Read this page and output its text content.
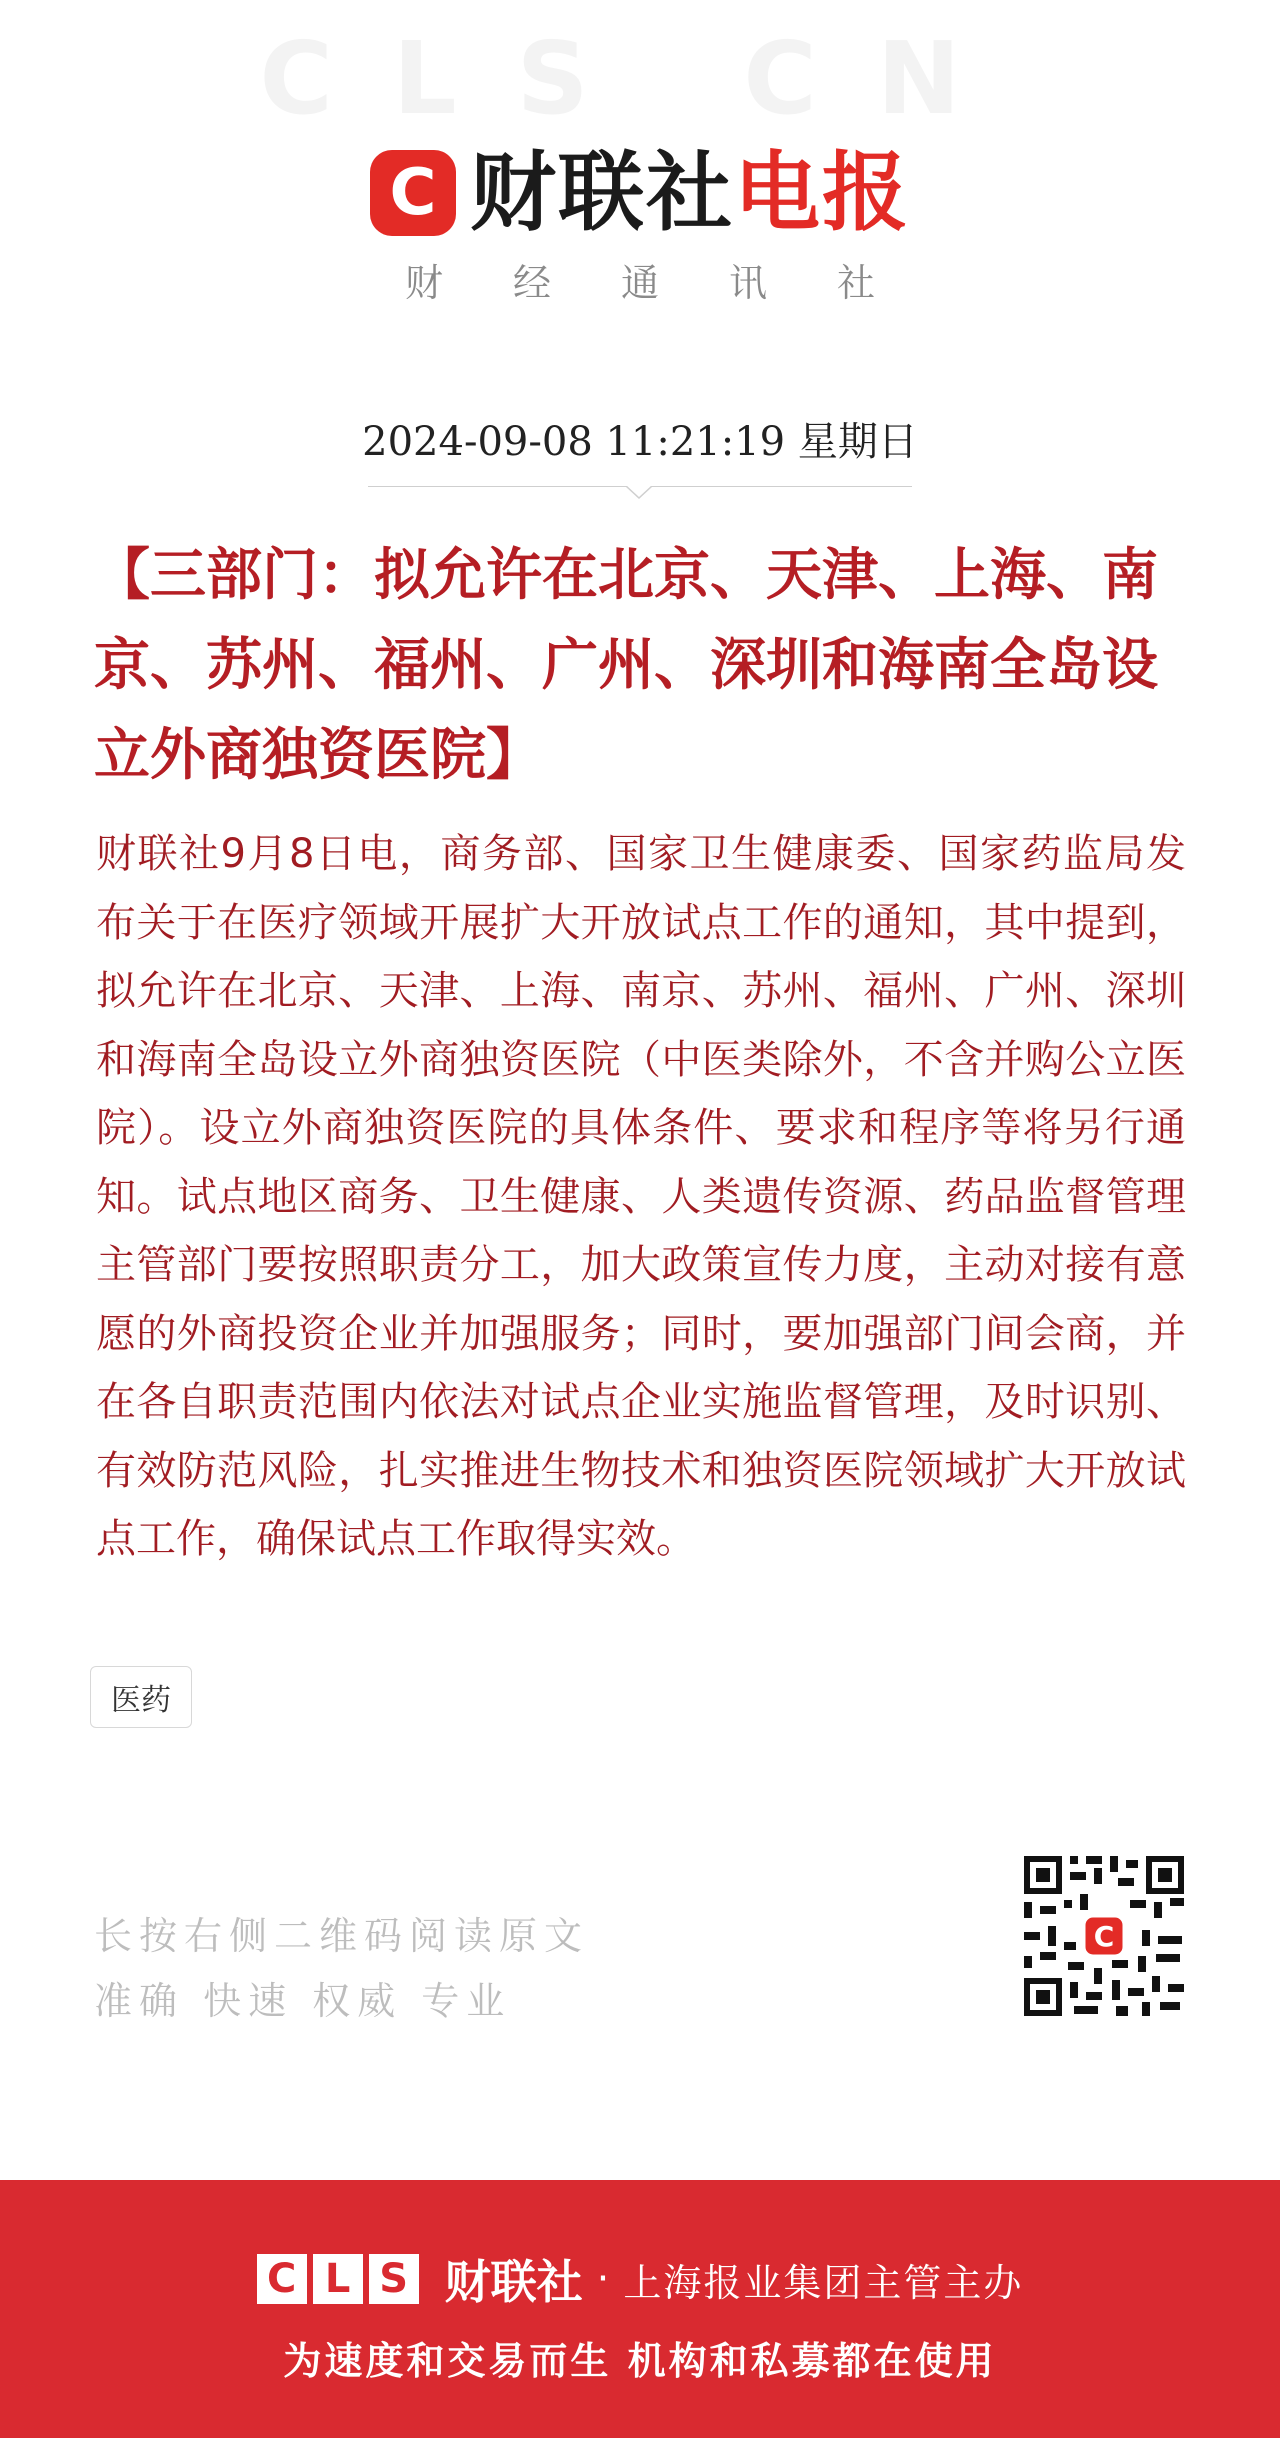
CLS CN
C 财联社 电报
财经通讯社
2024-09-08 11:21:19 星期日
【三部门：拟允许在北京、天津、上海、南京、苏州、福州、广州、深圳和海南全岛设立外商独资医院】
财联社9月8日电，商务部、国家卫生健康委、国家药监局发布关于在医疗领域开展扩大开放试点工作的通知，其中提到，拟允许在北京、天津、上海、南京、苏州、福州、广州、深圳和海南全岛设立外商独资医院（中医类除外，不含并购公立医院）。设立外商独资医院的具体条件、要求和程序等将另行通知。试点地区商务、卫生健康、人类遗传资源、药品监督管理主管部门要按照职责分工，加大政策宣传力度，主动对接有意愿的外商投资企业并加强服务；同时，要加强部门间会商，并在各自职责范围内依法对试点企业实施监督管理，及时识别、有效防范风险，扎实推进生物技术和独资医院领域扩大开放试点工作，确保试点工作取得实效。
医药
长按右侧二维码阅读原文
准确 快速 权威 专业
C
C L S 财联社 · 上海报业集团主管主办
为速度和交易而生 机构和私募都在使用
